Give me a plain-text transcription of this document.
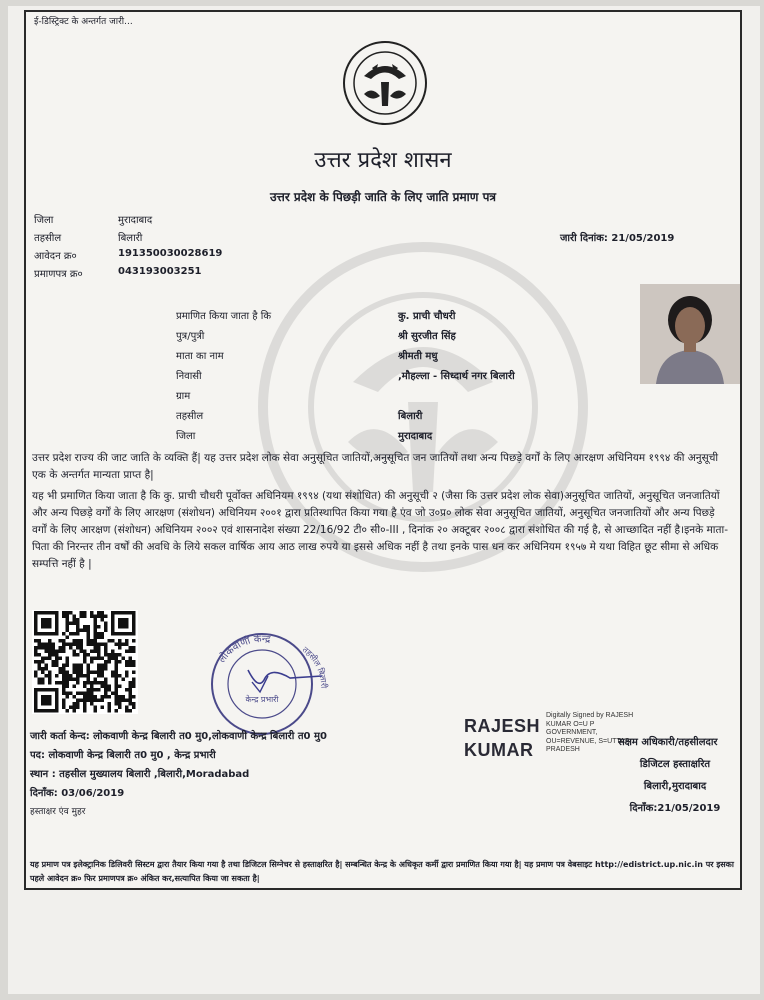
ई-डिस्ट्रिक्ट के अन्तर्गत जारी...
उत्तर प्रदेश शासन
उत्तर प्रदेश के पिछड़ी जाति के लिए जाति प्रमाण पत्र
जिला	मुरादाबाद
तहसील	बिलारी
आवेदन क्र०	191350030028619
प्रमाणपत्र क्र०	043193003251
जारी दिनांक: 21/05/2019
प्रमाणित किया जाता है कि	कु. प्राची चौधरी
पुत्र/पुत्री	श्री सुरजीत सिंह
माता का नाम	श्रीमती मधु
निवासी	,मौहल्ला - सिध्दार्थ नगर बिलारी
ग्राम
तहसील	बिलारी
जिला	मुरादाबाद
उत्तर प्रदेश राज्य की जाट जाति के व्यक्ति हैं| यह उत्तर प्रदेश लोक सेवा अनुसूचित जातियों,अनुसूचित जन जातियों तथा अन्य पिछड़े वर्गों के लिए आरक्षण अधिनियम १९९४ की अनुसूची एक के अन्तर्गत मान्यता प्राप्त है|
यह भी प्रमाणित किया जाता है कि कु. प्राची चौधरी पूर्वोक्त अधिनियम १९९४ (यथा संशोधित) की अनुसूची २ (जैसा कि उत्तर प्रदेश लोक सेवा)अनुसूचित जातियों, अनुसूचित जनजातियों और अन्य पिछड़े वर्गों के लिए आरक्षण (संशोधन) अधिनियम २००१ द्वारा प्रतिस्थापित किया गया है एंव जो उ०प्र० लोक सेवा अनुसूचित जातियों, अनुसूचित जनजातियों और अन्य पिछड़े वर्गों के लिए आरक्षण (संशोधन) अधिनियम २००२ एवं शासनादेश संख्या 22/16/92 टी० सी०-III , दिनांक २० अक्टूबर २००८ द्वारा संशोधित की गई है, से आच्छादित नहीं है।इनके माता-पिता की निरन्तर तीन वर्षों की अवधि के लिये सकल वार्षिक आय आठ लाख रुपये या इससे अधिक नहीं है तथा इनके पास धन कर अधिनियम १९५७ मे यथा विहित छूट सीमा से अधिक सम्पत्ति नहीं है |
लोकवाणी केन्द्र
तहसील बिलारी
केन्द्र प्रभारी
जारी कर्ता केन्द: लोकवाणी केन्द्र बिलारी त0 मु0,लोकवाणी केन्द्र बिलारी त0 मु0
पद: लोकवाणी केन्द्र बिलारी त0 मु0 , केन्द्र प्रभारी
स्थान : तहसील मुख्यालय बिलारी ,बिलारी,Moradabad
दिनाँक: 03/06/2019
हस्ताक्षर एंव मुहर
RAJESH
KUMAR
Digitally Signed by RAJESH KUMAR O=U P GOVERNMENT, OU=REVENUE, S=UTTAR PRADESH
सक्षम अधिकारी/तहसीलदार
डिजिटल हस्ताक्षरित
बिलारी,मुरादाबाद
दिनाँक:21/05/2019
यह प्रमाण पत्र इलेक्ट्रानिक डिलिवरी सिस्टम द्वारा तैयार किया गया है तथा डिजिटल सिग्नेचर से हस्ताक्षरित है| सम्बन्धित केन्द्र के अधिकृत कर्मी द्वारा प्रमाणित किया गया है| यह प्रमाण पत्र वेबसाइट http://edistrict.up.nic.in पर इसका पहले आवेदन क्र० फिर प्रमाणपत्र क्र० अंकित कर,सत्यापित किया जा सकता है|
